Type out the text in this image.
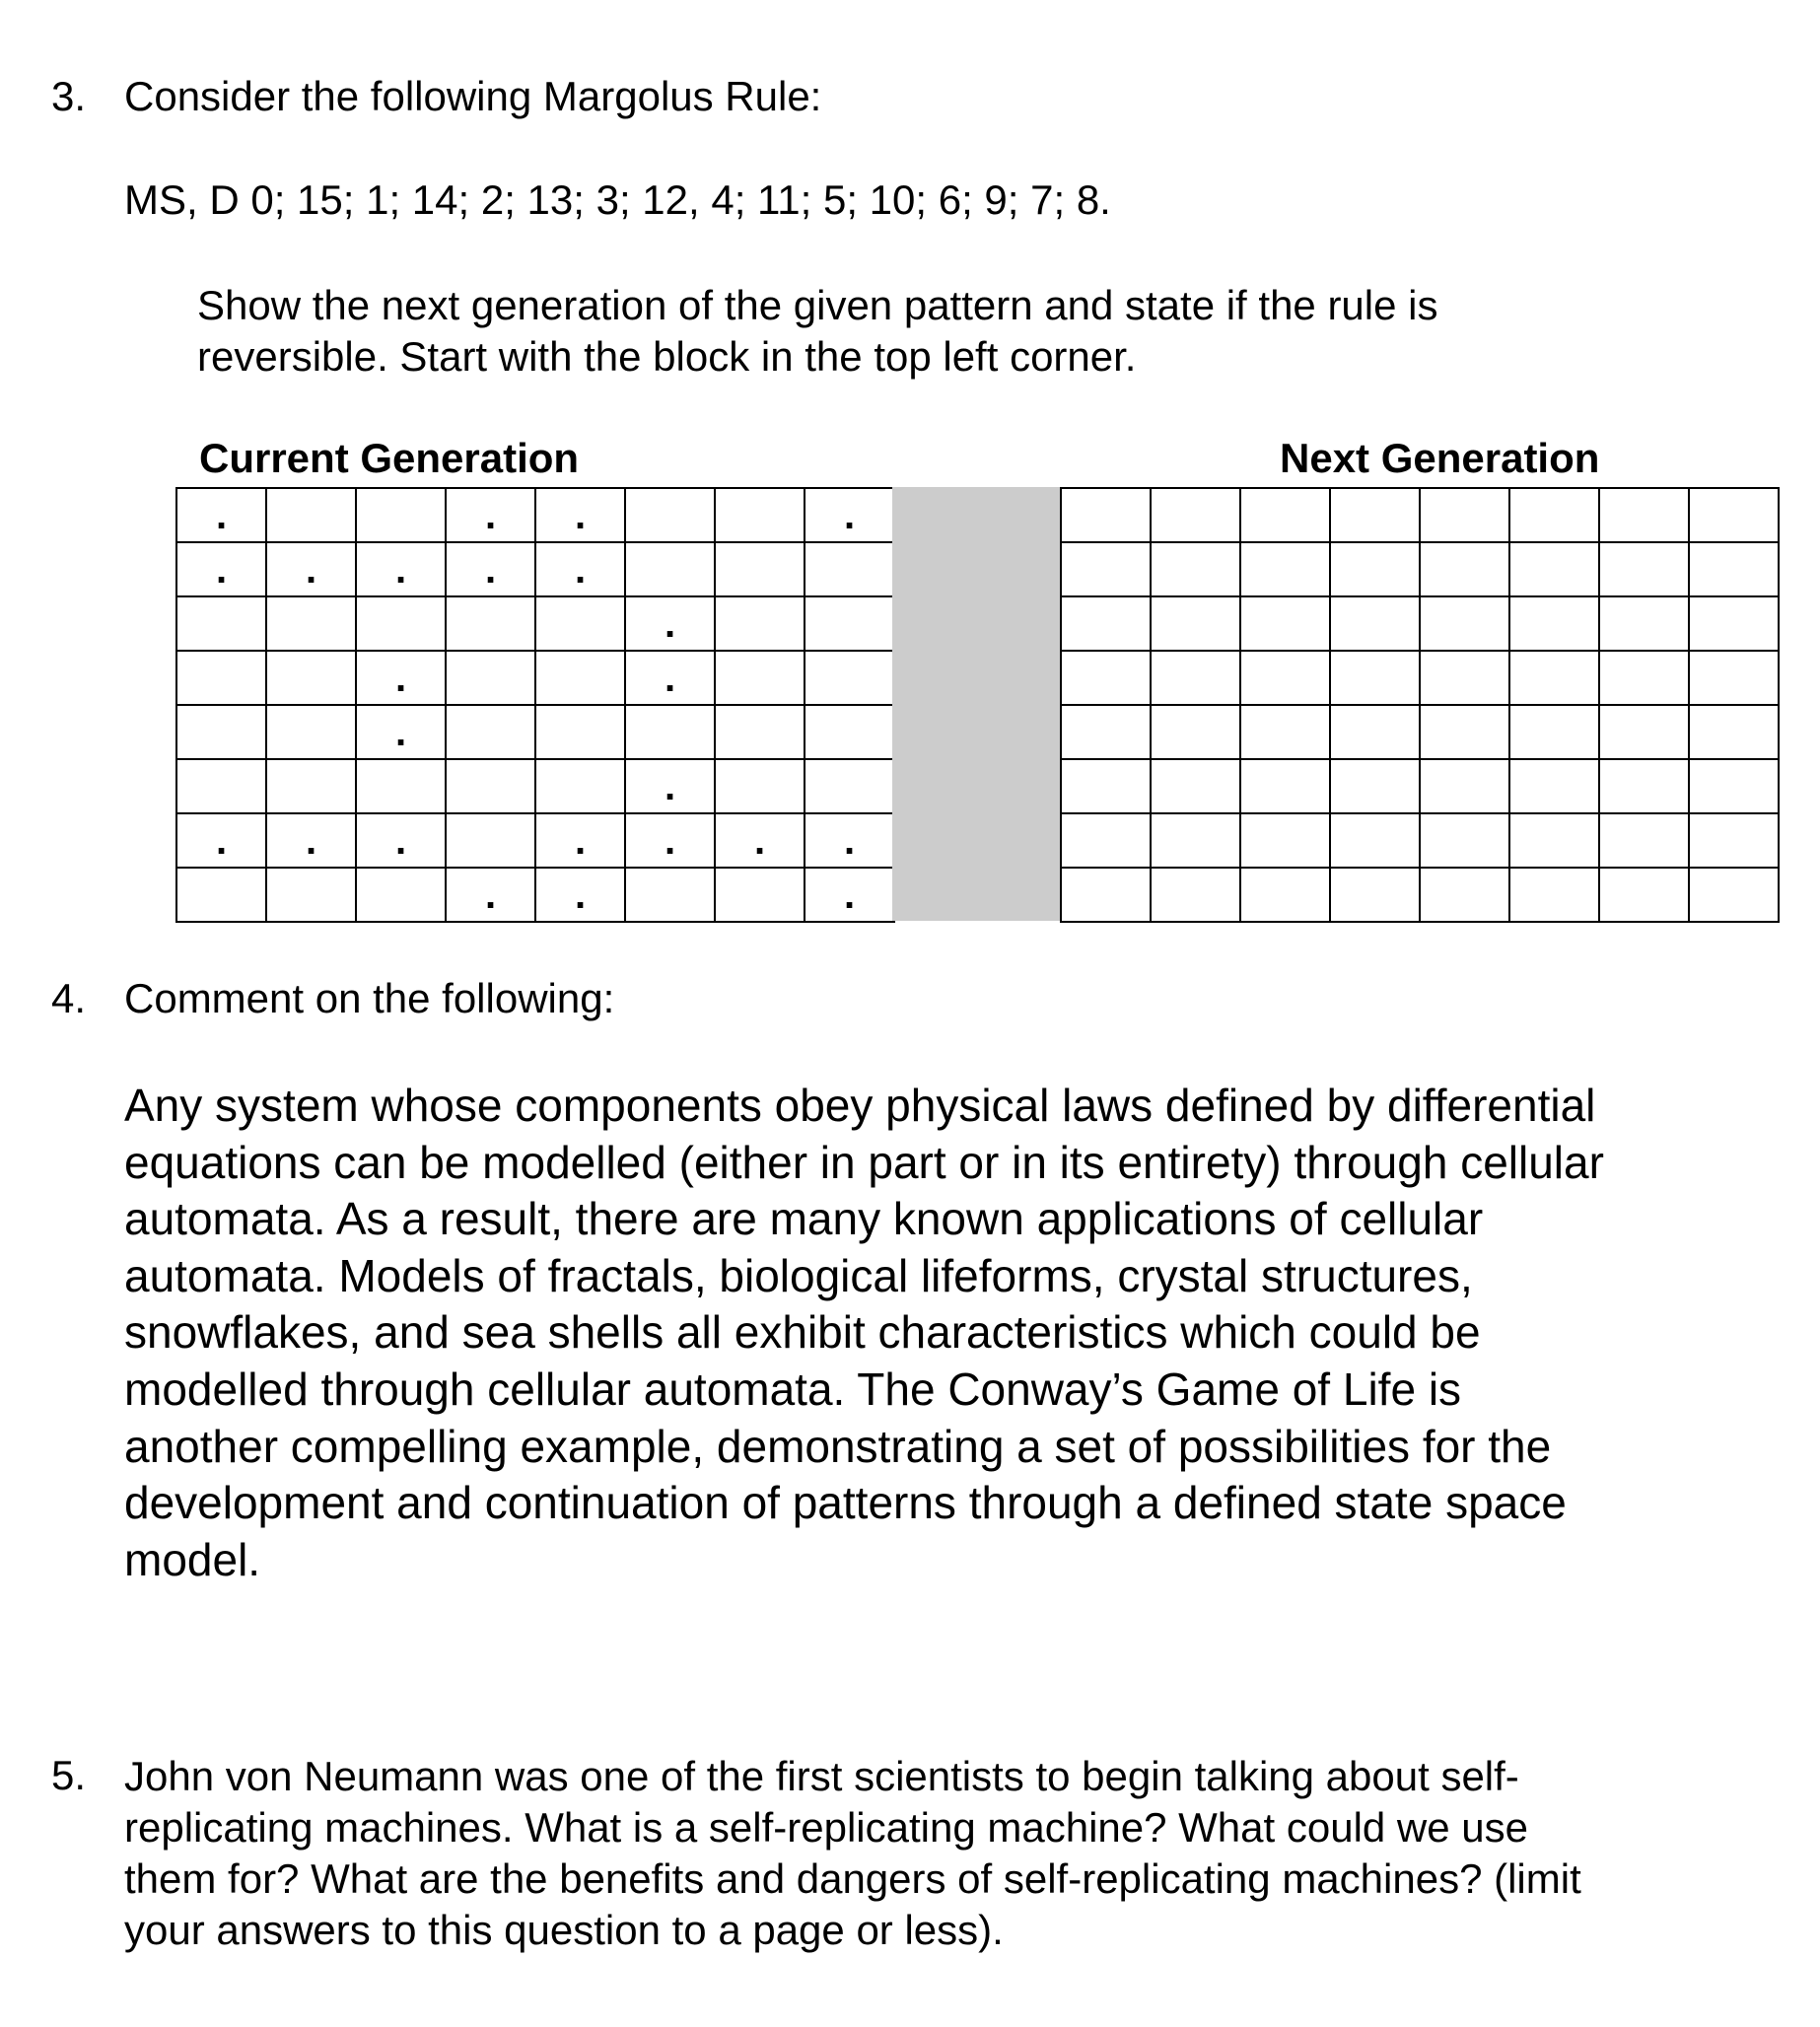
3. Consider the following Margolus Rule:
MS, D 0; 15; 1; 14; 2; 13; 3; 12, 4; 11; 5; 10; 6; 9; 7; 8.
Show the next generation of the given pattern and state if the rule is
reversible. Start with the block in the top left corner.
Current Generation	Next Generation
.			.	.			.
.	.	.	.	.			
					.		
		.			.		
		.					
					.		
.	.	.		.	.	.	.
			.	.			.

4. Comment on the following:
Any system whose components obey physical laws defined by differential
equations can be modelled (either in part or in its entirety) through cellular
automata. As a result, there are many known applications of cellular
automata. Models of fractals, biological lifeforms, crystal structures,
snowflakes, and sea shells all exhibit characteristics which could be
modelled through cellular automata. The Conway’s Game of Life is
another compelling example, demonstrating a set of possibilities for the
development and continuation of patterns through a defined state space
model.
5. John von Neumann was one of the first scientists to begin talking about self-
replicating machines. What is a self-replicating machine? What could we use
them for? What are the benefits and dangers of self-replicating machines? (limit
your answers to this question to a page or less).
